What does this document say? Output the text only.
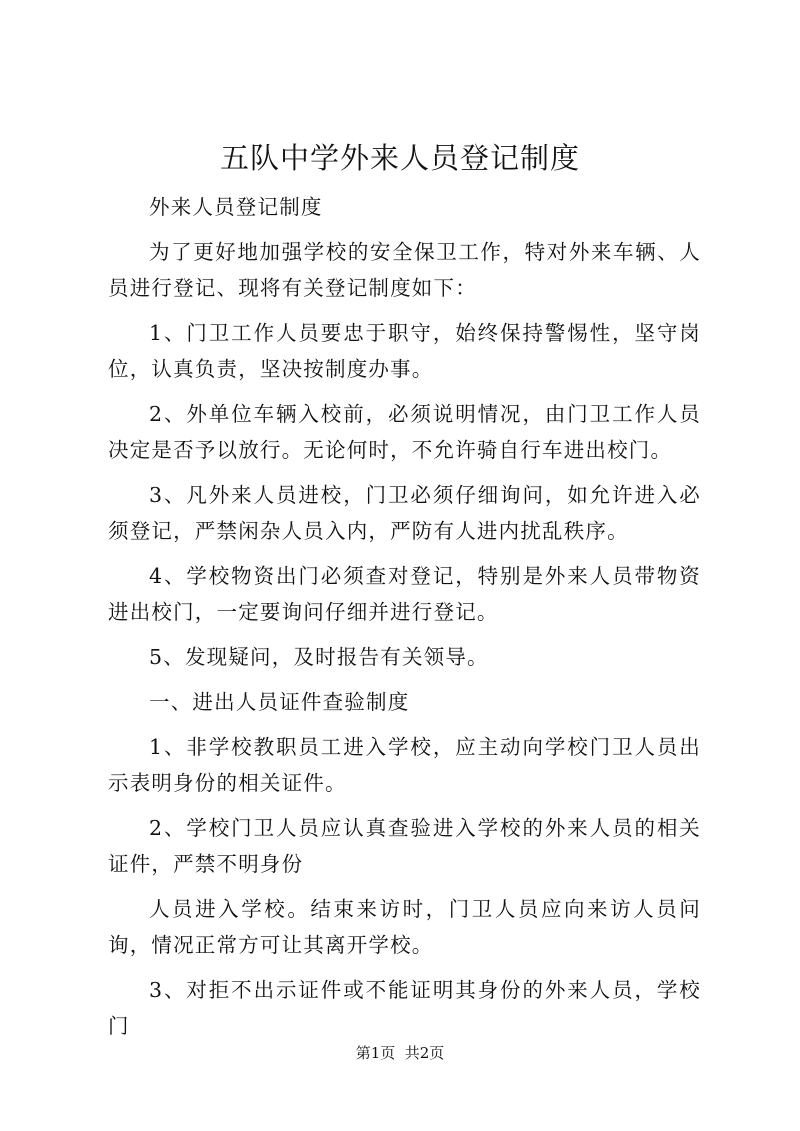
五队中学外来人员登记制度

外来人员登记制度

为了更好地加强学校的安全保卫工作，特对外来车辆、人员进行登记、现将有关登记制度如下：

1、门卫工作人员要忠于职守，始终保持警惕性，坚守岗位，认真负责，坚决按制度办事。

2、外单位车辆入校前，必须说明情况，由门卫工作人员决定是否予以放行。无论何时，不允许骑自行车进出校门。

3、凡外来人员进校，门卫必须仔细询问，如允许进入必须登记，严禁闲杂人员入内，严防有人进内扰乱秩序。

4、学校物资出门必须查对登记，特别是外来人员带物资进出校门，一定要询问仔细并进行登记。

5、发现疑问，及时报告有关领导。

一、进出人员证件查验制度

1、非学校教职员工进入学校，应主动向学校门卫人员出示表明身份的相关证件。

2、学校门卫人员应认真查验进入学校的外来人员的相关证件，严禁不明身份

人员进入学校。结束来访时，门卫人员应向来访人员问询，情况正常方可让其离开学校。

3、对拒不出示证件或不能证明其身份的外来人员，学校门

第1页  共2页
